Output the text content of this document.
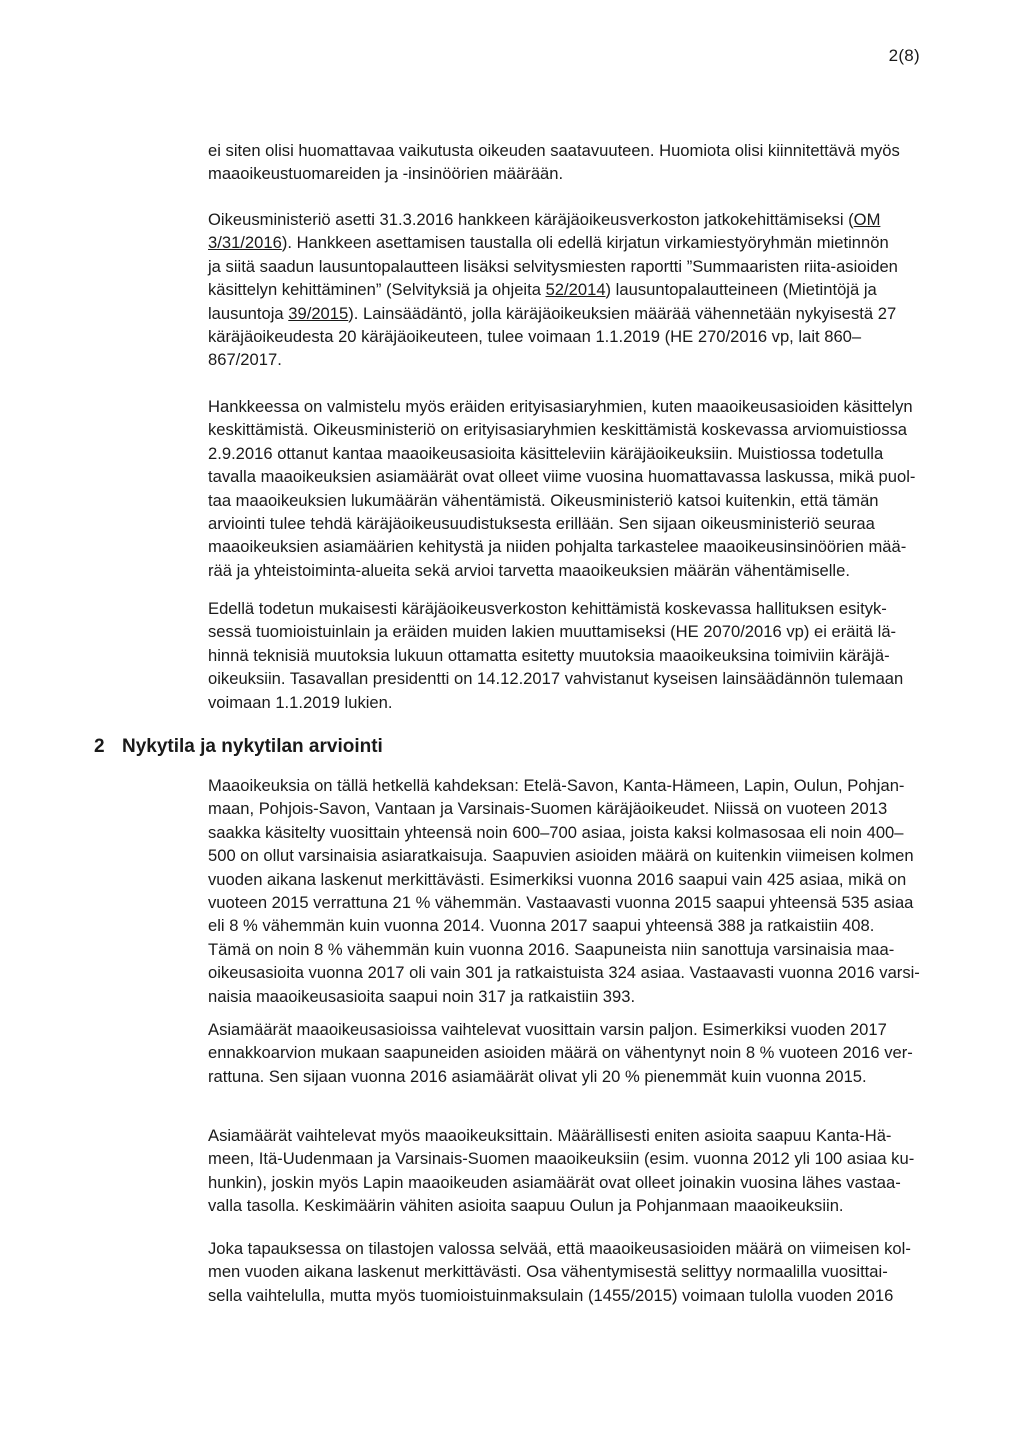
2(8)
ei siten olisi huomattavaa vaikutusta oikeuden saatavuuteen. Huomiota olisi kiinnitettävä myös
maaoikeustuomareiden ja -insinöörien määrään.
Oikeusministeriö asetti 31.3.2016 hankkeen käräjäoikeusverkoston jatkokehittämiseksi (OM
3/31/2016). Hankkeen asettamisen taustalla oli edellä kirjatun virkamiestyöryhmän mietinnön
ja siitä saadun lausuntopalautteen lisäksi selvitysmiesten raportti ”Summaaristen riita-asioiden
käsittelyn kehittäminen” (Selvityksiä ja ohjeita 52/2014) lausuntopalautteineen (Mietintöjä ja
lausuntoja 39/2015). Lainsäädäntö, jolla käräjäoikeuksien määrää vähennetään nykyisestä 27
käräjäoikeudesta 20 käräjäoikeuteen, tulee voimaan 1.1.2019 (HE 270/2016 vp, lait 860–
867/2017.
Hankkeessa on valmistelu myös eräiden erityisasiaryhmien, kuten maaoikeusasioiden käsittelyn
keskittämistä. Oikeusministeriö on erityisasiaryhmien keskittämistä koskevassa arviomuistiossa
2.9.2016 ottanut kantaa maaoikeusasioita käsitteleviin käräjäoikeuksiin. Muistiossa todetulla
tavalla maaoikeuksien asiamäärät ovat olleet viime vuosina huomattavassa laskussa, mikä puol-
taa maaoikeuksien lukumäärän vähentämistä. Oikeusministeriö katsoi kuitenkin, että tämän
arviointi tulee tehdä käräjäoikeusuudistuksesta erillään. Sen sijaan oikeusministeriö seuraa
maaoikeuksien asiamäärien kehitystä ja niiden pohjalta tarkastelee maaoikeusinsinöörien mää-
rää ja yhteistoiminta-alueita sekä arvioi tarvetta maaoikeuksien määrän vähentämiselle.
Edellä todetun mukaisesti käräjäoikeusverkoston kehittämistä koskevassa hallituksen esityk-
sessä tuomioistuinlain ja eräiden muiden lakien muuttamiseksi (HE 2070/2016 vp) ei eräitä lä-
hinnä teknisiä muutoksia lukuun ottamatta esitetty muutoksia maaoikeuksina toimiviin käräjä-
oikeuksiin. Tasavallan presidentti on 14.12.2017 vahvistanut kyseisen lainsäädännön tulemaan
voimaan 1.1.2019 lukien.
2 Nykytila ja nykytilan arviointi
Maaoikeuksia on tällä hetkellä kahdeksan: Etelä-Savon, Kanta-Hämeen, Lapin, Oulun, Pohjan-
maan, Pohjois-Savon, Vantaan ja Varsinais-Suomen käräjäoikeudet. Niissä on vuoteen 2013
saakka käsitelty vuosittain yhteensä noin 600–700 asiaa, joista kaksi kolmasosaa eli noin 400–
500 on ollut varsinaisia asiaratkaisuja. Saapuvien asioiden määrä on kuitenkin viimeisen kolmen
vuoden aikana laskenut merkittävästi. Esimerkiksi vuonna 2016 saapui vain 425 asiaa, mikä on
vuoteen 2015 verrattuna 21 % vähemmän. Vastaavasti vuonna 2015 saapui yhteensä 535 asiaa
eli 8 % vähemmän kuin vuonna 2014. Vuonna 2017 saapui yhteensä 388 ja ratkaistiin 408.
Tämä on noin 8 % vähemmän kuin vuonna 2016. Saapuneista niin sanottuja varsinaisia maa-
oikeusasioita vuonna 2017 oli vain 301 ja ratkaistuista 324 asiaa. Vastaavasti vuonna 2016 varsi-
naisia maaoikeusasioita saapui noin 317 ja ratkaistiin 393.
Asiamäärät maaoikeusasioissa vaihtelevat vuosittain varsin paljon. Esimerkiksi vuoden 2017
ennakkoarvion mukaan saapuneiden asioiden määrä on vähentynyt noin 8 % vuoteen 2016 ver-
rattuna. Sen sijaan vuonna 2016 asiamäärät olivat yli 20 % pienemmät kuin vuonna 2015.
Asiamäärät vaihtelevat myös maaoikeuksittain. Määrällisesti eniten asioita saapuu Kanta-Hä-
meen, Itä-Uudenmaan ja Varsinais-Suomen maaoikeuksiin (esim. vuonna 2012 yli 100 asiaa ku-
hunkin), joskin myös Lapin maaoikeuden asiamäärät ovat olleet joinakin vuosina lähes vastaa-
valla tasolla. Keskimäärin vähiten asioita saapuu Oulun ja Pohjanmaan maaoikeuksiin.
Joka tapauksessa on tilastojen valossa selvää, että maaoikeusasioiden määrä on viimeisen kol-
men vuoden aikana laskenut merkittävästi. Osa vähentymisestä selittyy normaalilla vuosittai-
sella vaihtelulla, mutta myös tuomioistuinmaksulain (1455/2015) voimaan tulolla vuoden 2016
